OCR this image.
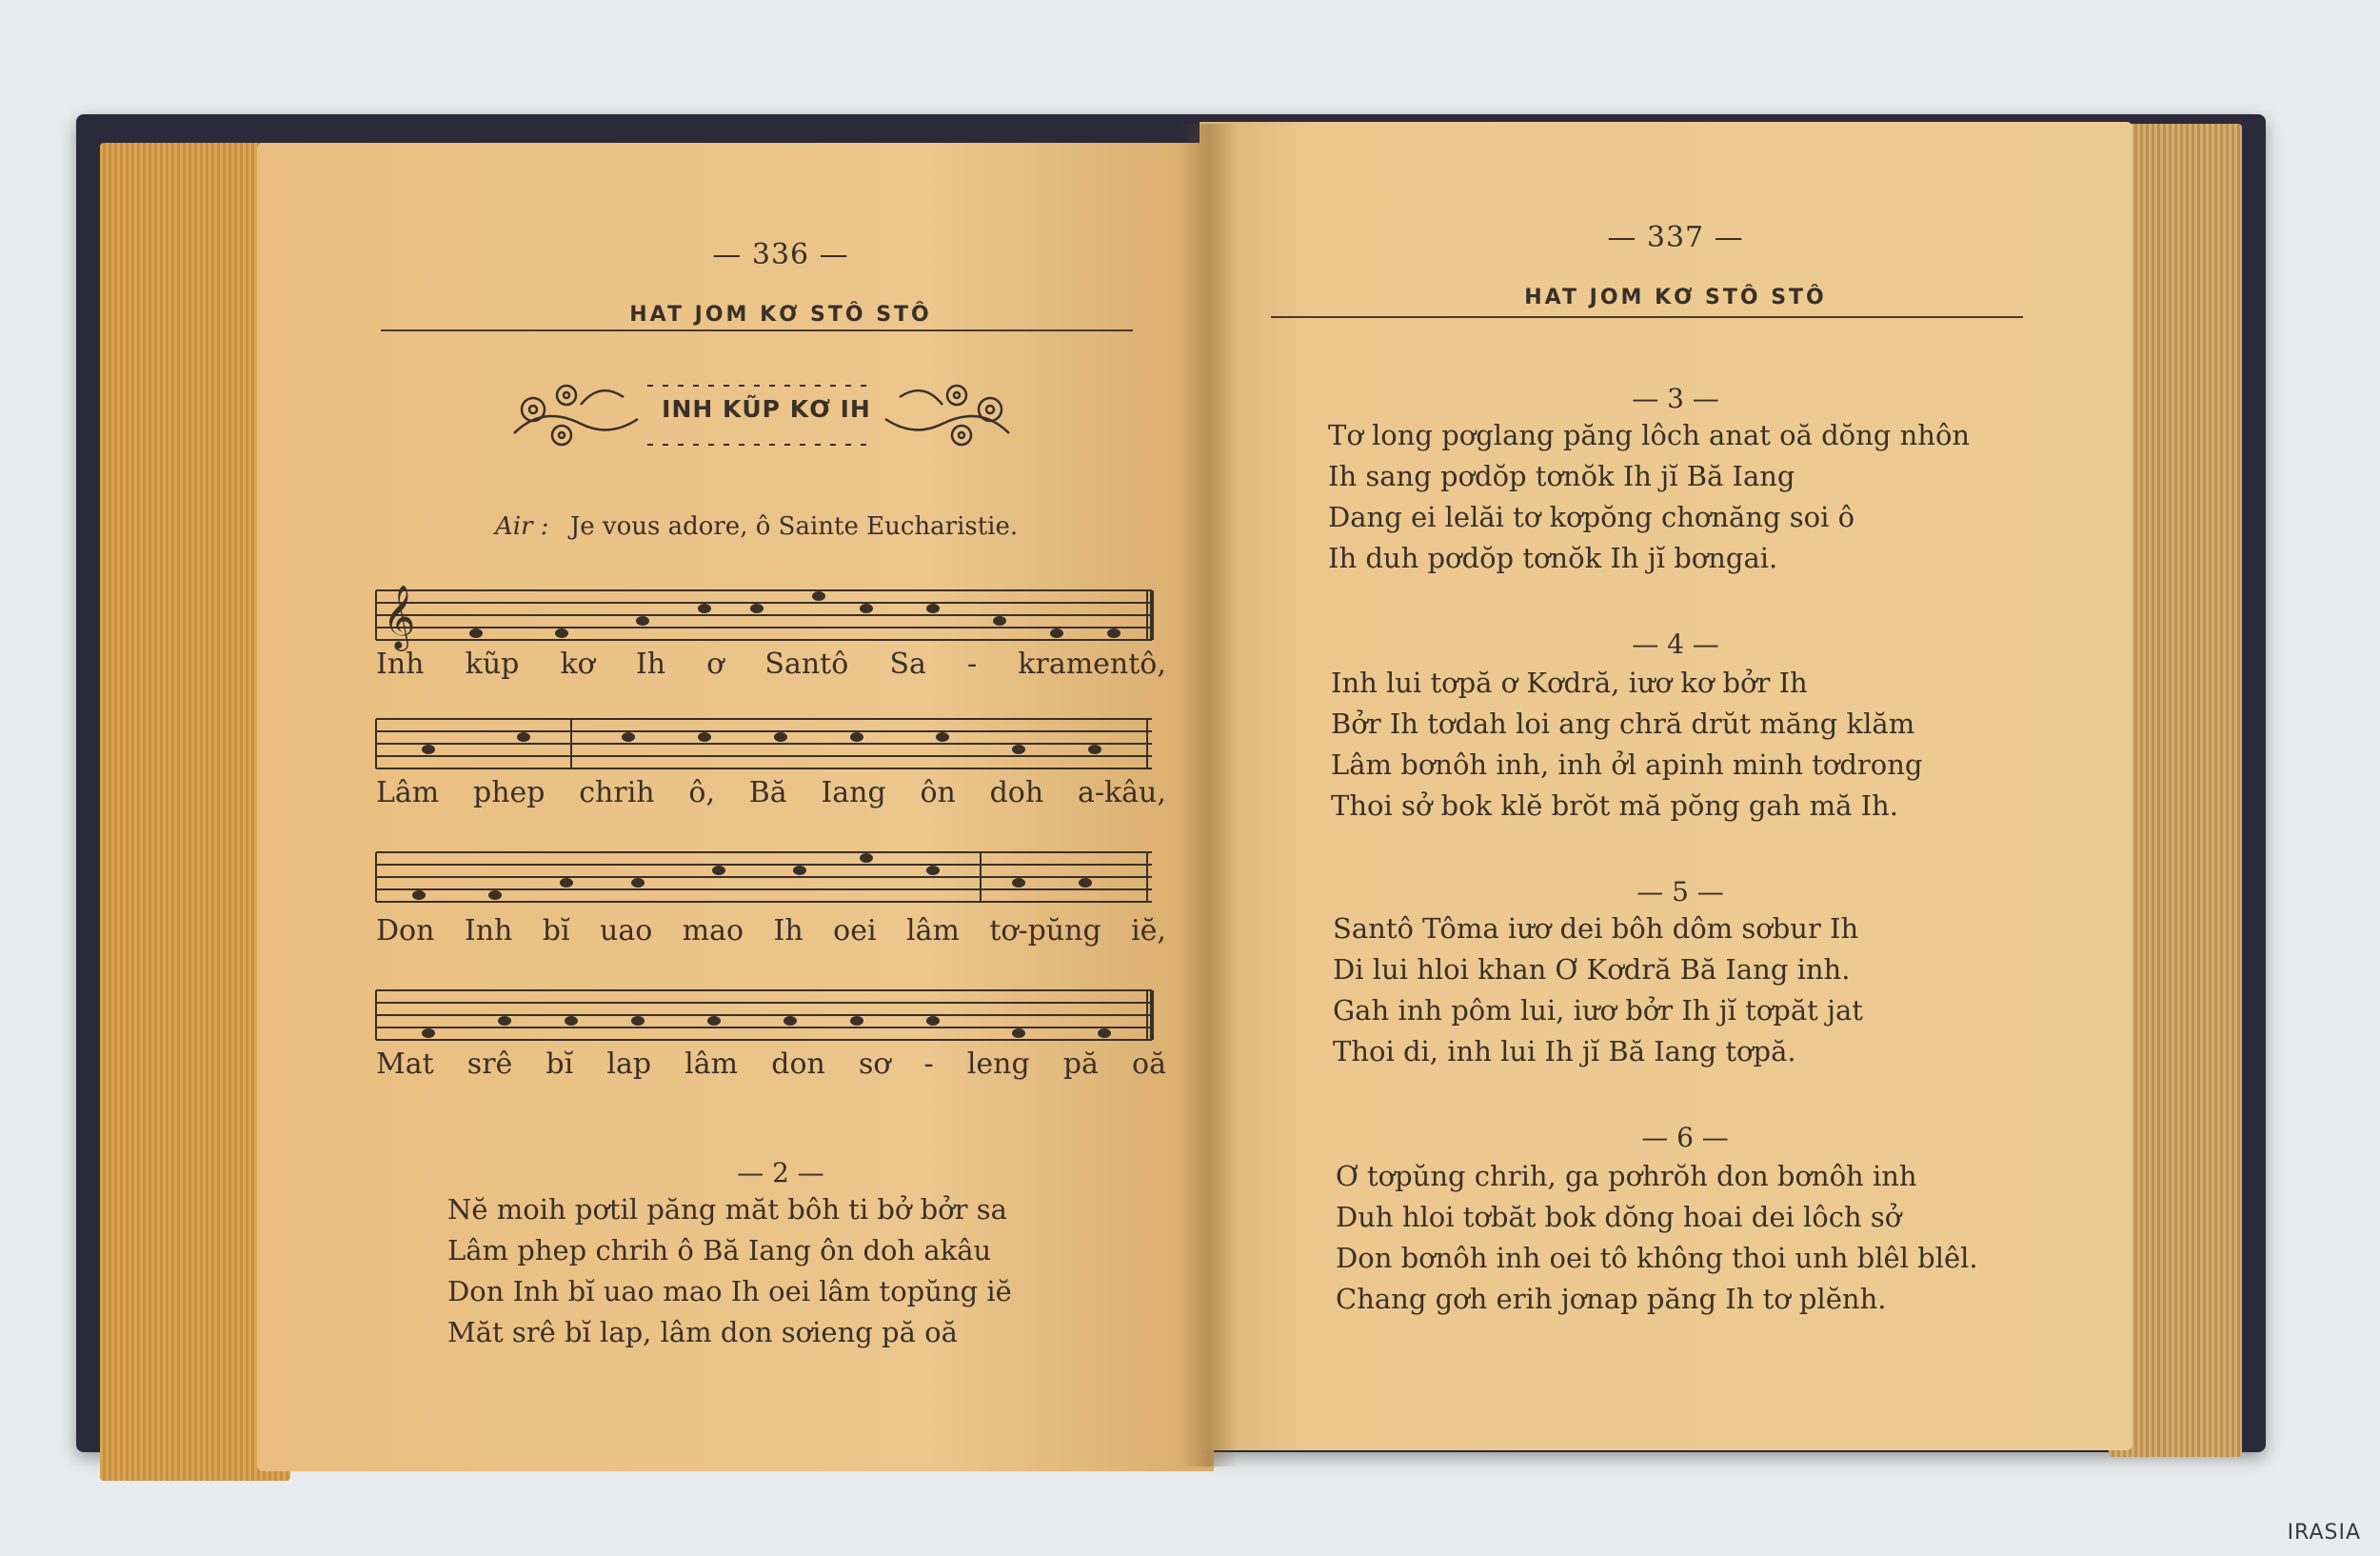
— 336 —
HAT JOM KƠ STÔ STÔ
INH KŨP KƠ IH
Air : Je vous adore, ô Sainte Eucharistie.
𝄞
Inh kũp kơ Ih ơ Santô Sa - kramentô,
Lâm phep chrih ô, Bă Iang ôn doh a-kâu,
Don Inh bĭ uao mao Ih oei lâm tơ-pŭng iĕ,
Mat srê bĭ lap lâm don sơ - leng pă oă
— 2 —
Nĕ moih pơtil păng măt bôh ti bở bởr sa
Lâm phep chrih ô Bă Iang ôn doh akâu
Don Inh bĭ uao mao Ih oei lâm topŭng iĕ
Măt srê bĭ lap, lâm don sơieng pă oă
— 337 —
HAT JOM KƠ STÔ STÔ
— 3 —
Tơ long pơglang păng lôch anat oă dŏng nhôn
Ih sang pơdŏp tơnŏk Ih jĭ Bă Iang
Dang ei lelăi tơ kơpŏng chơnăng soi ô
Ih duh pơdŏp tơnŏk Ih jĭ bơngai.
— 4 —
Inh lui tơpă ơ Kơdră, iươ kơ bởr Ih
Bởr Ih tơdah loi ang chră drŭt măng klăm
Lâm bơnôh inh, inh ởl apinh minh tơdrong
Thoi sở bok klĕ brŏt mă pŏng gah mă Ih.
— 5 —
Santô Tôma iươ dei bôh dôm sơbur Ih
Di lui hloi khan Ơ Kơdră Bă Iang inh.
Gah inh pôm lui, iươ bởr Ih jĭ tơpăt jat
Thoi di, inh lui Ih jĭ Bă Iang tơpă.
— 6 —
Ơ tơpŭng chrih, ga pơhrŏh don bơnôh inh
Duh hloi tơbăt bok dŏng hoai dei lôch sở
Don bơnôh inh oei tô không thoi unh blêl blêl.
Chang gơh erih jơnap păng Ih tơ plĕnh.
IRASIA
